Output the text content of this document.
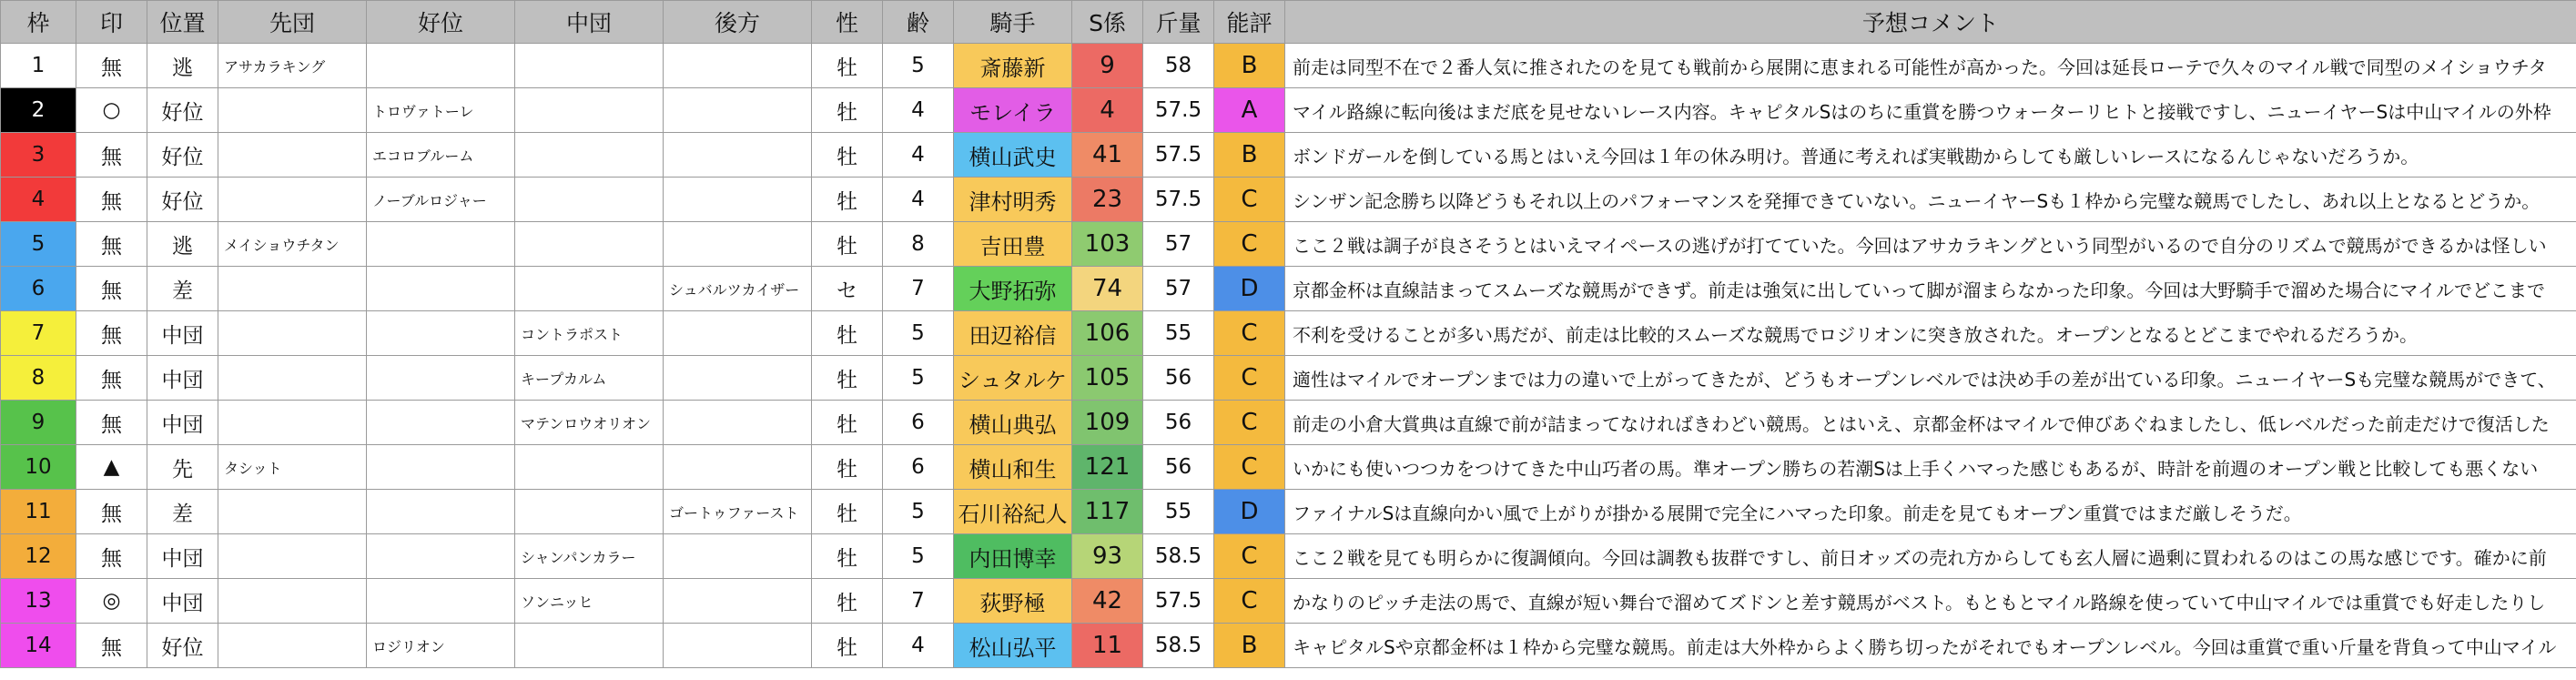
枠	印	位置	先団	好位	中団	後方	性	齢	騎手	S係	斤量	能評	予想コメント
1	無	逃	アサカラキング				牡	5	斎藤新	9	58	B	前走は同型不在で２番人気に推されたのを見ても戦前から展開に恵まれる可能性が高かった。今回は延長ローテで久々のマイル戦で同型のメイショウチタ
2	○	好位		トロヴァトーレ			牡	4	モレイラ	4	57.5	A	マイル路線に転向後はまだ底を見せないレース内容。キャピタルSはのちに重賞を勝つウォーターリヒトと接戦ですし、ニューイヤーSは中山マイルの外枠
3	無	好位		エコロブルーム			牡	4	横山武史	41	57.5	B	ボンドガールを倒している馬とはいえ今回は１年の休み明け。普通に考えれば実戦勘からしても厳しいレースになるんじゃないだろうか。
4	無	好位		ノーブルロジャー			牡	4	津村明秀	23	57.5	C	シンザン記念勝ち以降どうもそれ以上のパフォーマンスを発揮できていない。ニューイヤーSも１枠から完璧な競馬でしたし、あれ以上となるとどうか。
5	無	逃	メイショウチタン				牡	8	吉田豊	103	57	C	ここ２戦は調子が良さそうとはいえマイペースの逃げが打てていた。今回はアサカラキングという同型がいるので自分のリズムで競馬ができるかは怪しい
6	無	差				シュバルツカイザー	セ	7	大野拓弥	74	57	D	京都金杯は直線詰まってスムーズな競馬ができず。前走は強気に出していって脚が溜まらなかった印象。今回は大野騎手で溜めた場合にマイルでどこまで
7	無	中団			コントラポスト		牡	5	田辺裕信	106	55	C	不利を受けることが多い馬だが、前走は比較的スムーズな競馬でロジリオンに突き放された。オープンとなるとどこまでやれるだろうか。
8	無	中団			キープカルム		牡	5	シュタルケ	105	56	C	適性はマイルでオープンまでは力の違いで上がってきたが、どうもオープンレベルでは決め手の差が出ている印象。ニューイヤーSも完璧な競馬ができて、
9	無	中団			マテンロウオリオン		牡	6	横山典弘	109	56	C	前走の小倉大賞典は直線で前が詰まってなければきわどい競馬。とはいえ、京都金杯はマイルで伸びあぐねましたし、低レベルだった前走だけで復活した
10	▲	先	タシット				牡	6	横山和生	121	56	C	いかにも使いつつカをつけてきた中山巧者の馬。準オープン勝ちの若潮Sは上手くハマった感じもあるが、時計を前週のオープン戦と比較しても悪くない
11	無	差				ゴートゥファースト	牡	5	石川裕紀人	117	55	D	ファイナルSは直線向かい風で上がりが掛かる展開で完全にハマった印象。前走を見てもオープン重賞ではまだ厳しそうだ。
12	無	中団			シャンパンカラー		牡	5	内田博幸	93	58.5	C	ここ２戦を見ても明らかに復調傾向。今回は調教も抜群ですし、前日オッズの売れ方からしても玄人層に過剰に買われるのはこの馬な感じです。確かに前
13	◎	中団			ソンニッヒ		牡	7	荻野極	42	57.5	C	かなりのピッチ走法の馬で、直線が短い舞台で溜めてズドンと差す競馬がベスト。もともとマイル路線を使っていて中山マイルでは重賞でも好走したりし
14	無	好位		ロジリオン			牡	4	松山弘平	11	58.5	B	キャピタルSや京都金杯は１枠から完璧な競馬。前走は大外枠からよく勝ち切ったがそれでもオープンレベル。今回は重賞で重い斤量を背負って中山マイル
